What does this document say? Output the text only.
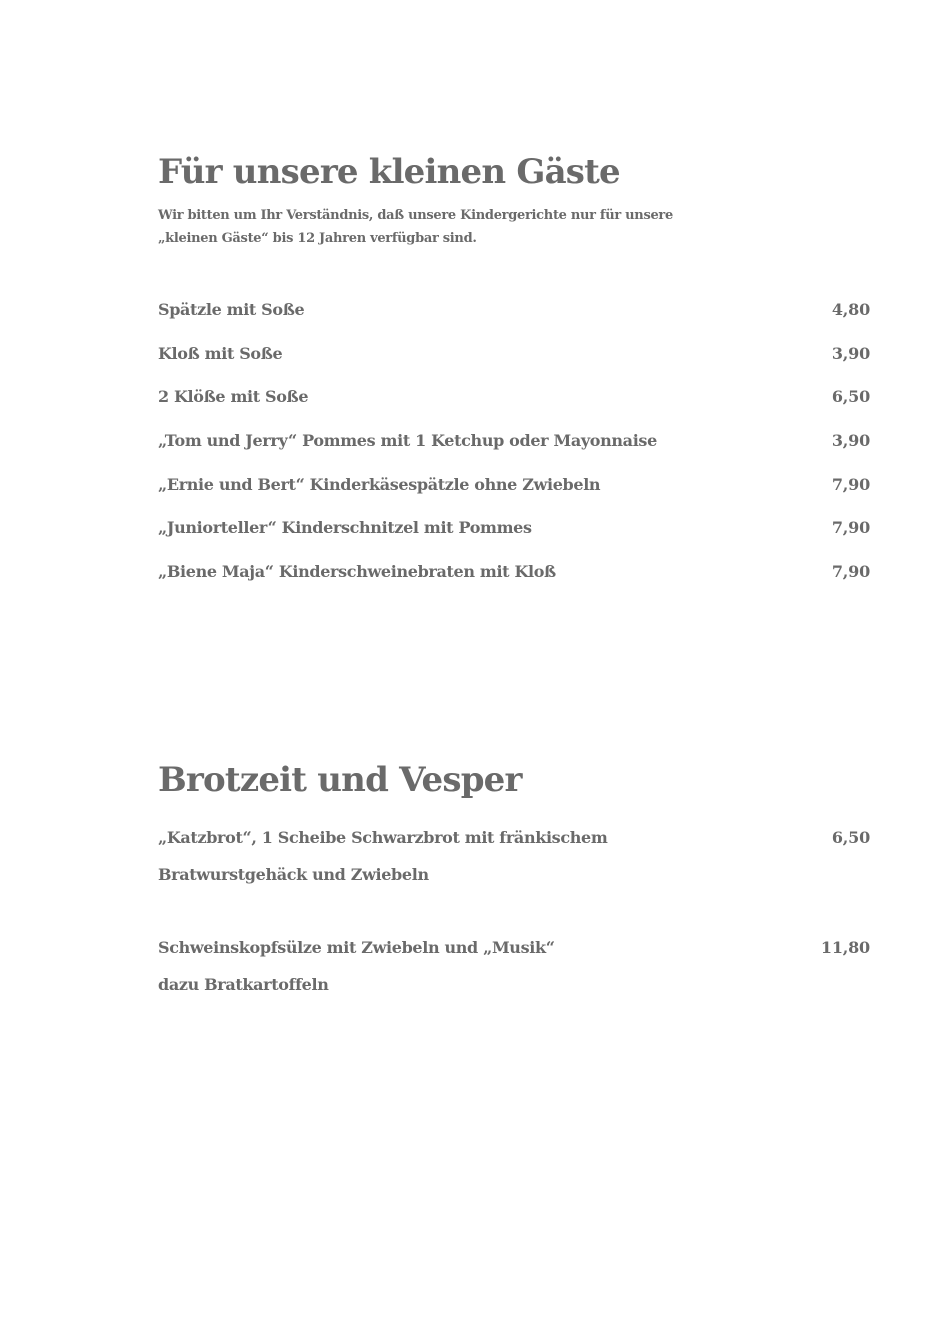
Für unsere kleinen Gäste

Wir bitten um Ihr Verständnis, daß unsere Kindergerichte nur für unsere
„kleinen Gäste“ bis 12 Jahren verfügbar sind.

Spätzle mit Soße	4,80
Kloß mit Soße	3,90
2 Klöße mit Soße	6,50
„Tom und Jerry“ Pommes mit 1 Ketchup oder Mayonnaise	3,90
„Ernie und Bert“ Kinderkäsespätzle ohne Zwiebeln	7,90
„Juniorteller“ Kinderschnitzel mit Pommes	7,90
„Biene Maja“ Kinderschweinebraten mit Kloß	7,90
Brotzeit und Vesper
„Katzbrot“, 1 Scheibe Schwarzbrot mit fränkischem	6,50
Bratwurstgehäck und Zwiebeln
Schweinskopfsülze mit Zwiebeln und „Musik“	11,80
dazu Bratkartoffeln
